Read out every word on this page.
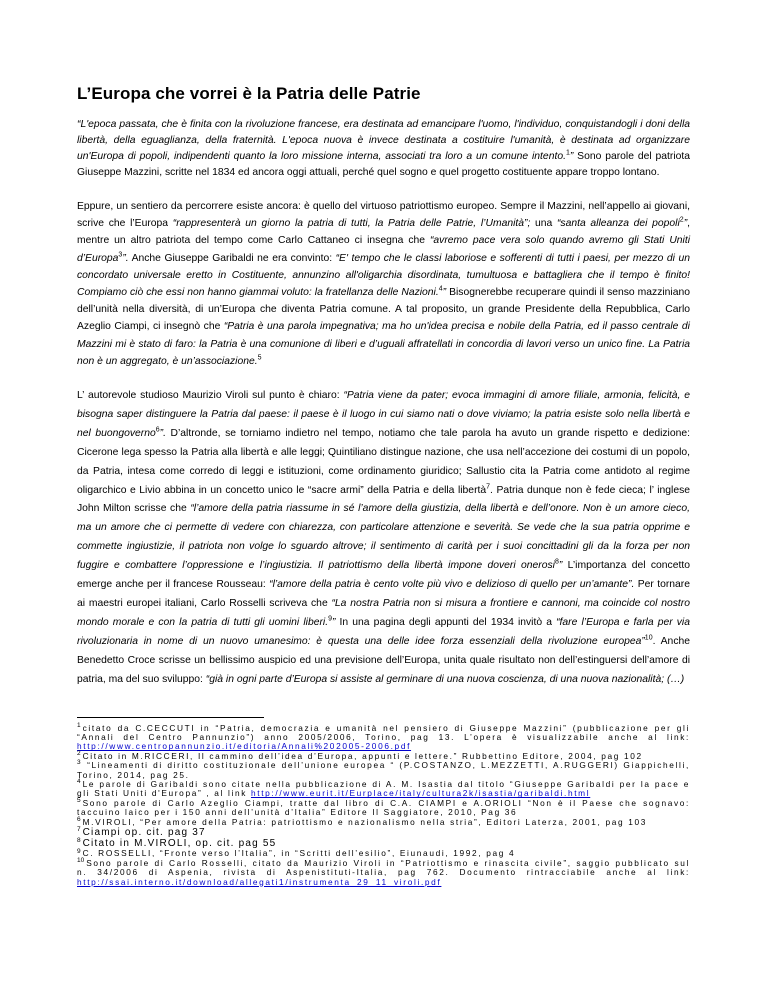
L’Europa che vorrei è la Patria delle Patrie

“L'epoca passata, che è finita con la rivoluzione francese, era destinata ad emancipare l'uomo, l'individuo, conquistandogli i doni della libertà, della eguaglianza, della fraternità. L'epoca nuova è invece destinata a costituire l'umanità, è destinata ad organizzare un'Europa di popoli, indipendenti quanto la loro missione interna, associati tra loro a un comune intento.$^1$” Sono parole del patriota Giuseppe Mazzini, scritte nel 1834 ed ancora oggi attuali, perché quel sogno e quel progetto costituente appare troppo lontano.

Eppure, un sentiero da percorrere esiste ancora: è quello del virtuoso patriottismo europeo. Sempre il Mazzini, nell’appello ai giovani, scrive che l’Europa “rappresenterà un giorno la patria di tutti, la Patria delle Patrie, l’Umanità”; una “santa alleanza dei popoli$^2$”, mentre un altro patriota del tempo come Carlo Cattaneo ci insegna che “avremo pace vera solo quando avremo gli Stati Uniti d’Europa$^3$”. Anche Giuseppe Garibaldi ne era convinto: “E' tempo che le classi laboriose e sofferenti di tutti i paesi, per mezzo di un concordato universale eretto in Costituente, annunzino all'oligarchia disordinata, tumultuosa e battagliera che il tempo è finito! Compiamo ciò che essi non hanno giammai voluto: la fratellanza delle Nazioni.$^4$” Bisognerebbe recuperare quindi il senso mazziniano dell’unità nella diversità, di un’Europa che diventa Patria comune. A tal proposito, un grande Presidente della Repubblica, Carlo Azeglio Ciampi, ci insegnò che “Patria è una parola impegnativa; ma ho un'idea precisa e nobile della Patria, ed il passo centrale di Mazzini mi è stato di faro: la Patria è una comunione di liberi e d’uguali affratellati in concordia di lavori verso un unico fine. La Patria non è un aggregato, è un’associazione.$^5$

L’ autorevole studioso Maurizio Viroli sul punto è chiaro: “Patria viene da pater; evoca immagini di amore filiale, armonia, felicità, e bisogna saper distinguere la Patria dal paese: il paese è il luogo in cui siamo nati o dove viviamo; la patria esiste solo nella libertà e nel buongoverno$^6$”. D’altronde, se torniamo indietro nel tempo, notiamo che tale parola ha avuto un grande rispetto e dedizione: Cicerone lega spesso la Patria alla libertà e alle leggi; Quintiliano distingue nazione, che usa nell’accezione dei costumi di un popolo, da Patria, intesa come corredo di leggi e istituzioni, come ordinamento giuridico; Sallustio cita la Patria come antidoto al regime oligarchico e Livio abbina in un concetto unico le “sacre armi” della Patria e della libertà$^7$. Patria dunque non è fede cieca; l’ inglese John Milton scrisse che “l’amore della patria riassume in sé l’amore della giustizia, della libertà e dell’onore. Non è un amore cieco, ma un amore che ci permette di vedere con chiarezza, con particolare attenzione e severità. Se vede che la sua patria opprime e commette ingiustizie, il patriota non volge lo sguardo altrove; il sentimento di carità per i suoi concittadini gli da la forza per non fuggire e combattere l’oppressione e l’ingiustizia. Il patriottismo della libertà impone doveri onerosi$^8$” L’importanza del concetto emerge anche per il francese Rousseau: “l’amore della patria è cento volte più vivo e delizioso di quello per un’amante”. Per tornare ai maestri europei italiani, Carlo Rosselli scriveva che “La nostra Patria non si misura a frontiere e cannoni, ma coincide col nostro mondo morale e con la patria di tutti gli uomini liberi.$^9$” In una pagina degli appunti del 1934 invitò a “fare l’Europa e farla per via rivoluzionaria in nome di un nuovo umanesimo: è questa una delle idee forza essenziali della rivoluzione europea”$^{10}$. Anche Benedetto Croce scrisse un bellissimo auspicio ed una previsione dell’Europa, unita quale risultato non dell’estinguersi dell’amore di patria, ma del suo sviluppo: “già in ogni parte d’Europa si assiste al germinare di una nuova coscienza, di una nuova nazionalità; (…)

$^1$ citato da C.CECCUTI in “Patria, democrazia e umanità nel pensiero di Giuseppe Mazzini” (pubblicazione per gli “Annali del Centro Pannunzio”) anno 2005/2006, Torino, pag 13. L’opera è visualizzabile anche al link: http://www.centropannunzio.it/editoria/Annali%202005-2006.pdf
$^2$ Citato in M.RICCERI, Il cammino dell’idea d’Europa, appunti e lettere.” Rubbettino Editore, 2004, pag 102
$^3$ “Lineamenti di diritto costituzionale dell’unione europea “ (P.COSTANZO, L.MEZZETTI, A.RUGGERI) Giappichelli, Torino, 2014, pag 25.
$^4$ Le parole di Garibaldi sono citate nella pubblicazione di A. M. Isastia dal titolo “Giuseppe Garibaldi per la pace e gli Stati Uniti d'Europa” , al link http://www.eurit.it/Eurplace/italy/cultura2k/isastia/garibaldi.html
$^5$ Sono parole di Carlo Azeglio Ciampi, tratte dal libro di C.A. CIAMPI e A.ORIOLI “Non è il Paese che sognavo: taccuino laico per i 150 anni dell’unità d’Italia” Editore Il Saggiatore, 2010, Pag 36
$^6$ M.VIROLI, “Per amore della Patria: patriottismo e nazionalismo nella stria”, Editori Laterza, 2001, pag 103
$^7$ Ciampi op. cit. pag 37
$^8$ Citato in M.VIROLI, op. cit. pag 55
$^9$ C. ROSSELLI, “Fronte verso l’Italia”, in “Scritti dell’esilio”, Eiunaudi, 1992, pag 4
$^{10}$ Sono parole di Carlo Rosselli, citato da Maurizio Viroli in “Patriottismo e rinascita civile”, saggio pubblicato sul n. 34/2006 di Aspenia, rivista di Aspenistituti-Italia, pag 762. Documento rintracciabile anche al link: http://ssai.interno.it/download/allegati1/instrumenta_29_11_viroli.pdf
